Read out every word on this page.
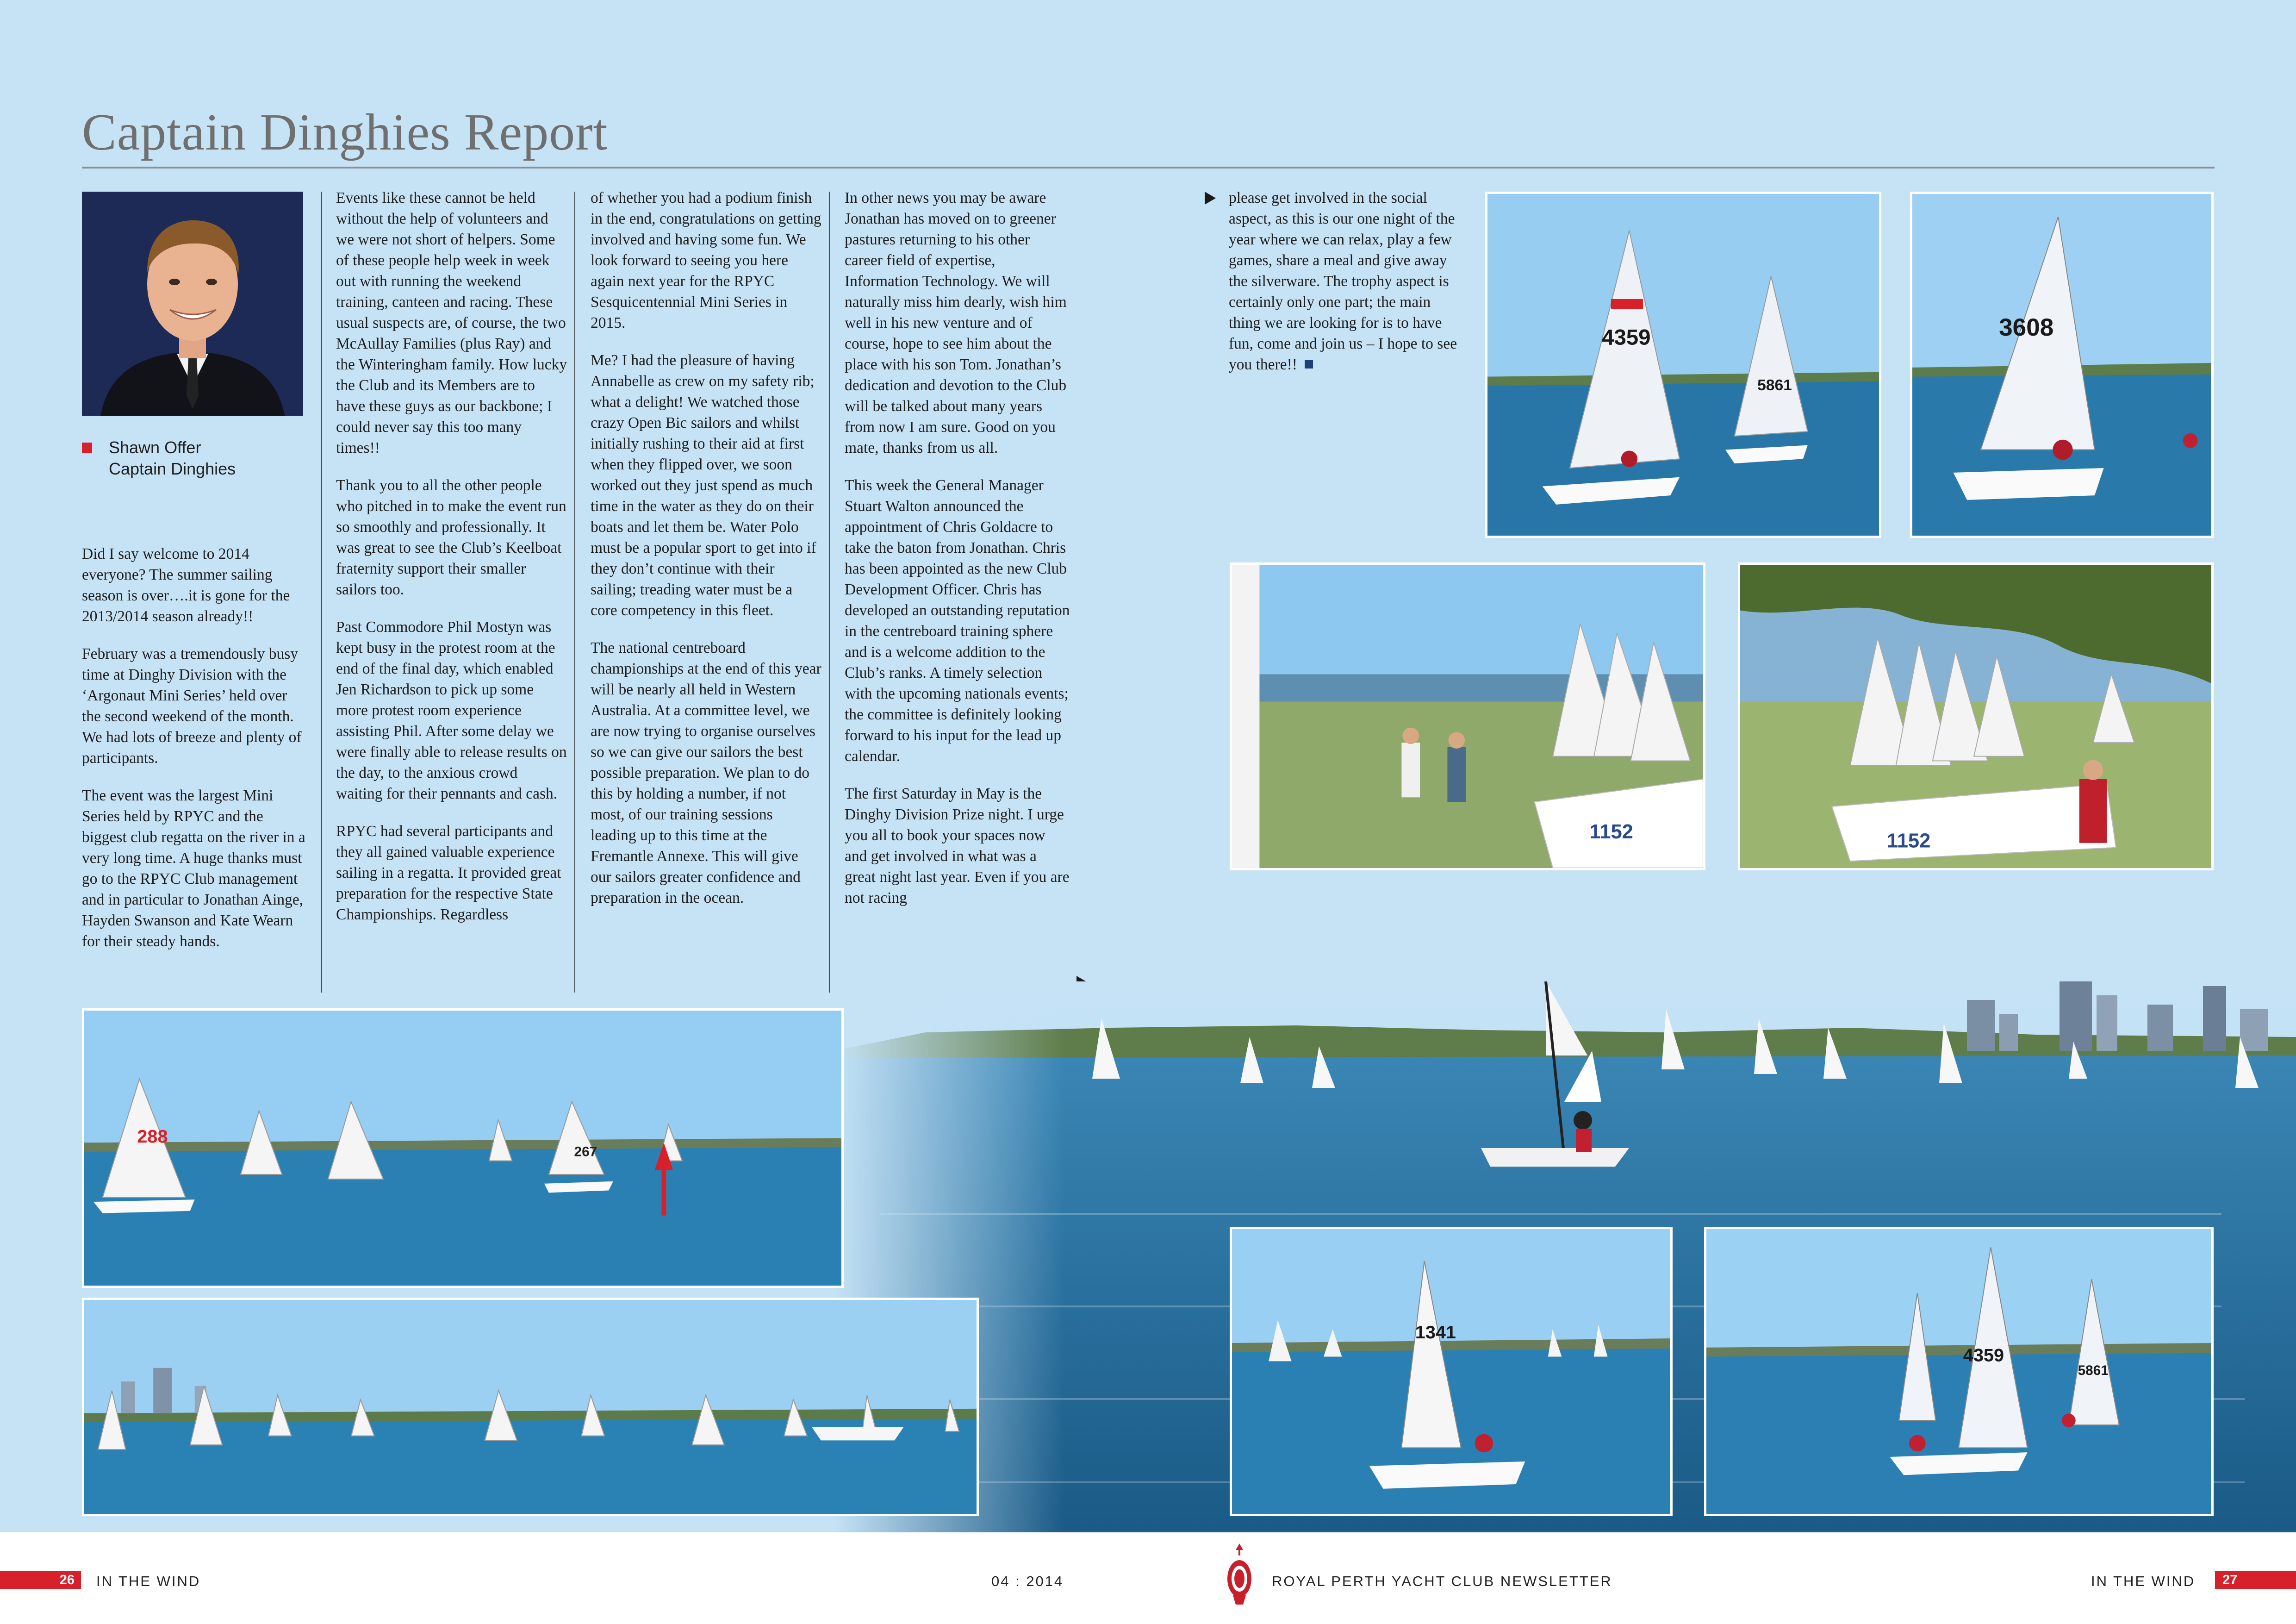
Captain Dinghies Report
Shawn Offer
Captain Dinghies

Did I say welcome to 2014 everyone? The summer sailing season is over….it is gone for the 2013/2014 season already!!

February was a tremendously busy time at Dinghy Division with the ‘Argonaut Mini Series’ held over the second weekend of the month. We had lots of breeze and plenty of participants.

The event was the largest Mini Series held by RPYC and the biggest club regatta on the river in a very long time. A huge thanks must go to the RPYC Club management and in particular to Jonathan Ainge, Hayden Swanson and Kate Wearn for their steady hands.

Events like these cannot be held without the help of volunteers and we were not short of helpers. Some of these people help week in week out with running the weekend training, canteen and racing. These usual suspects are, of course, the two McAullay Families (plus Ray) and the Winteringham family. How lucky the Club and its Members are to have these guys as our backbone; I could never say this too many times!!

Thank you to all the other people who pitched in to make the event run so smoothly and professionally. It was great to see the Club’s Keelboat fraternity support their smaller sailors too.

Past Commodore Phil Mostyn was kept busy in the protest room at the end of the final day, which enabled Jen Richardson to pick up some more protest room experience assisting Phil. After some delay we were finally able to release results on the day, to the anxious crowd waiting for their pennants and cash.

RPYC had several participants and they all gained valuable experience sailing in a regatta. It provided great preparation for the respective State Championships. Regardless

of whether you had a podium finish in the end, congratulations on getting involved and having some fun. We look forward to seeing you here again next year for the RPYC Sesquicentennial Mini Series in 2015.

Me? I had the pleasure of having Annabelle as crew on my safety rib; what a delight! We watched those crazy Open Bic sailors and whilst initially rushing to their aid at first when they flipped over, we soon worked out they just spend as much time in the water as they do on their boats and let them be. Water Polo must be a popular sport to get into if they don’t continue with their sailing; treading water must be a core competency in this fleet.

The national centreboard championships at the end of this year will be nearly all held in Western Australia. At a committee level, we are now trying to organise ourselves so we can give our sailors the best possible preparation. We plan to do this by holding a number, if not most, of our training sessions leading up to this time at the Fremantle Annexe. This will give our sailors greater confidence and preparation in the ocean.

In other news you may be aware Jonathan has moved on to greener pastures returning to his other career field of expertise, Information Technology. We will naturally miss him dearly, wish him well in his new venture and of course, hope to see him about the place with his son Tom. Jonathan’s dedication and devotion to the Club will be talked about many years from now I am sure. Good on you mate, thanks from us all.

This week the General Manager Stuart Walton announced the appointment of Chris Goldacre to take the baton from Jonathan. Chris has been appointed as the new Club Development Officer. Chris has developed an outstanding reputation in the centreboard training sphere and is a welcome addition to the Club’s ranks. A timely selection with the upcoming nationals events; the committee is definitely looking forward to his input for the lead up calendar.

The first Saturday in May is the Dinghy Division Prize night. I urge you all to book your spaces now and get involved in what was a great night last year. Even if you are not racing

please get involved in the social aspect, as this is our one night of the year where we can relax, play a few games, share a meal and give away the silverware. The trophy aspect is certainly only one part; the main thing we are looking for is to have fun, come and join us – I hope to see you there!!

4359
5861
3608
1152	1152
288
267
1341
4359
5861
26	IN THE WIND	04 : 2014	ROYAL PERTH YACHT CLUB NEWSLETTER	IN THE WIND	27
